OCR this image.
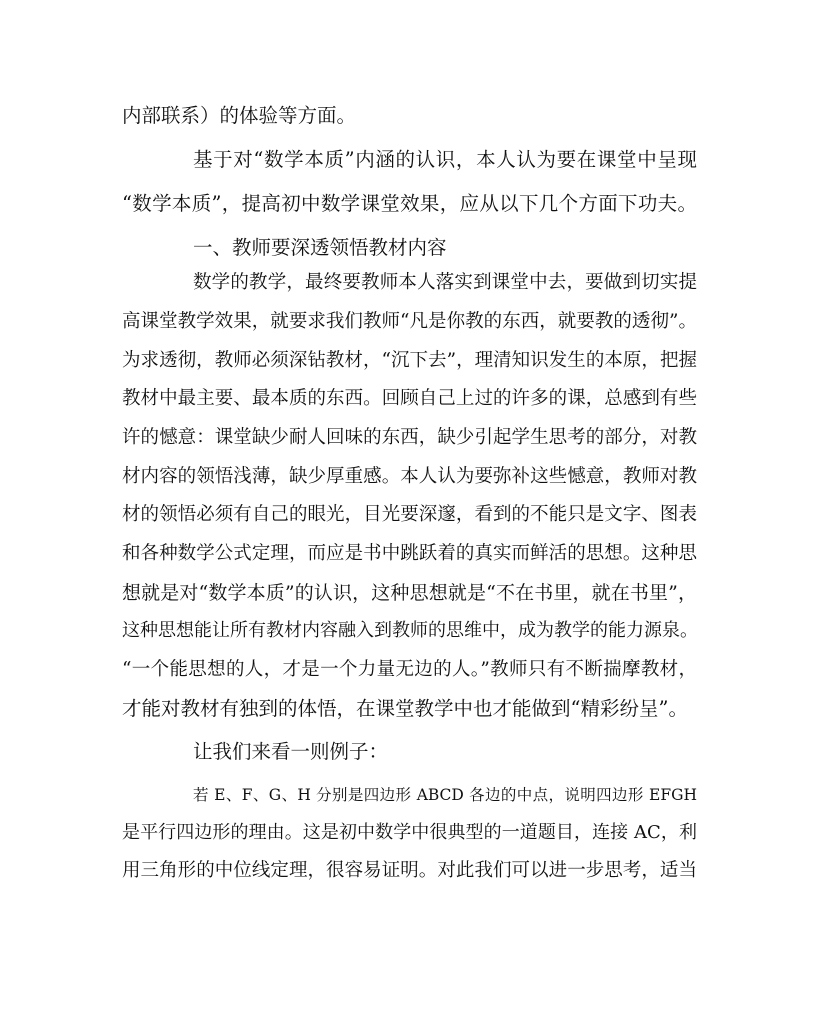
内部联系）的体验等方面。
基于对“数学本质”内涵的认识，本人认为要在课堂中呈现
“数学本质”，提高初中数学课堂效果，应从以下几个方面下功夫。
一、教师要深透领悟教材内容
数学的教学，最终要教师本人落实到课堂中去，要做到切实提
高课堂教学效果，就要求我们教师“凡是你教的东西，就要教的透彻”。
为求透彻，教师必须深钻教材，“沉下去”，理清知识发生的本原，把握
教材中最主要、最本质的东西。回顾自己上过的许多的课，总感到有些
许的憾意：课堂缺少耐人回味的东西，缺少引起学生思考的部分，对教
材内容的领悟浅薄，缺少厚重感。本人认为要弥补这些憾意，教师对教
材的领悟必须有自己的眼光，目光要深邃，看到的不能只是文字、图表
和各种数学公式定理，而应是书中跳跃着的真实而鲜活的思想。这种思
想就是对“数学本质”的认识，这种思想就是“不在书里，就在书里”，
这种思想能让所有教材内容融入到教师的思维中，成为教学的能力源泉。
“一个能思想的人，才是一个力量无边的人。”教师只有不断揣摩教材，
才能对教材有独到的体悟，在课堂教学中也才能做到“精彩纷呈”。
让我们来看一则例子：
若 E、F、G、H 分别是四边形 ABCD 各边的中点，说明四边形 EFGH
是平行四边形的理由。这是初中数学中很典型的一道题目，连接 AC，利
用三角形的中位线定理，很容易证明。对此我们可以进一步思考，适当
